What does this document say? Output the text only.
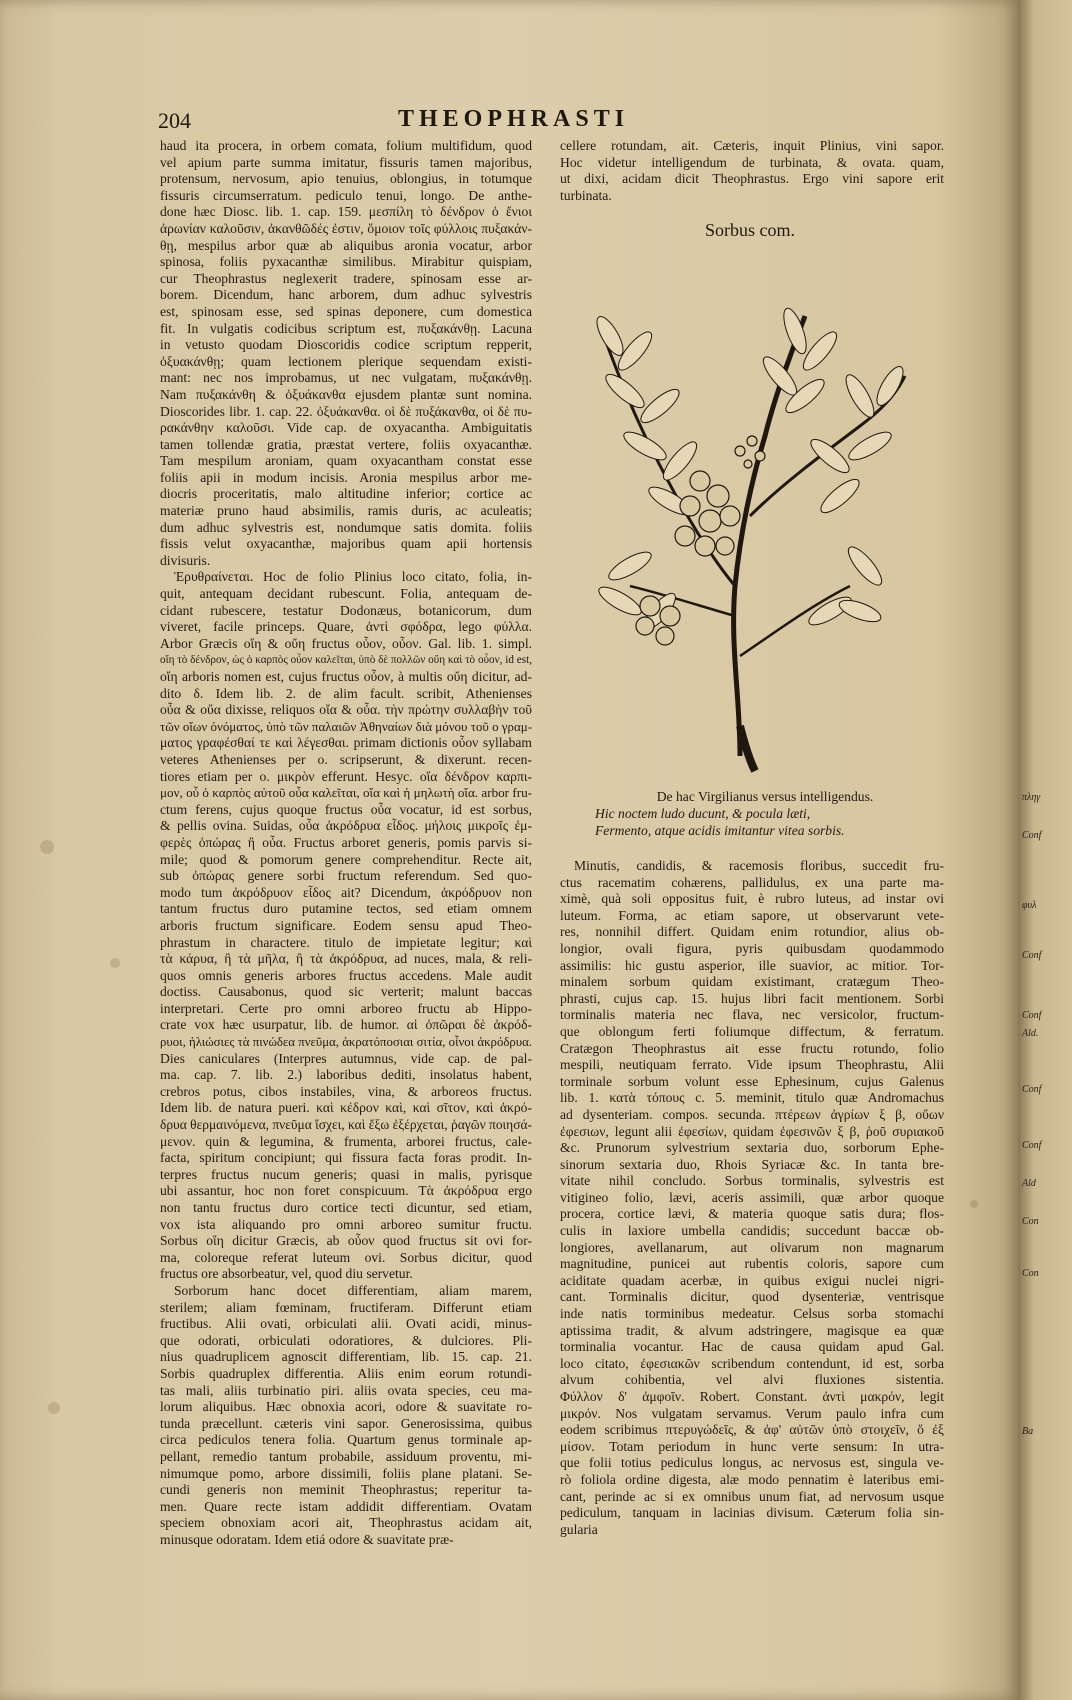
204	THEOPHRASTI
haud ita procera, in orbem comata, folium multifidum, quod
vel apium parte summa imitatur, fissuris tamen majoribus,
protensum, nervosum, apio tenuius, oblongius, in totumque
fissuris circumserratum. pediculo tenui, longo. De anthe-
done hæc Diosc. lib. 1. cap. 159. μεσπίλη τὸ δένδρον ὁ ἔνιοι
ἀρωνίαν καλοῦσιν, ἀκανθῶδές ἐστιν, ὅμοιον τοῖς φύλλοις πυξακάν-
θῃ, mespilus arbor quæ ab aliquibus aronia vocatur, arbor
spinosa, foliis pyxacanthæ similibus. Mirabitur quispiam,
cur Theophrastus neglexerit tradere, spinosam esse ar-
borem. Dicendum, hanc arborem, dum adhuc sylvestris
est, spinosam esse, sed spinas deponere, cum domestica
fit. In vulgatis codicibus scriptum est, πυξακάνθῃ. Lacuna
in vetusto quodam Dioscoridis codice scriptum repperit,
ὀξυακάνθῃ; quam lectionem plerique sequendam existi-
mant: nec nos improbamus, ut nec vulgatam, πυξακάνθῃ.
Nam πυξακάνθη & ὀξυάκανθα ejusdem plantæ sunt nomina.
Dioscorides libr. 1. cap. 22. ὀξυάκανθα. οἱ δὲ πυξάκανθα, οἱ δὲ πυ-
ρακάνθην καλοῦσι. Vide cap. de oxyacantha. Ambiguitatis
tamen tollendæ gratia, præstat vertere, foliis oxyacanthæ.
Tam mespilum aroniam, quam oxyacantham constat esse
foliis apii in modum incisis. Aronia mespilus arbor me-
diocris proceritatis, malo altitudine inferior; cortice ac
materiæ pruno haud absimilis, ramis duris, ac aculeatis;
dum adhuc sylvestris est, nondumque satis domita. foliis
fissis velut oxyacanthæ, majoribus quam apii hortensis
divisuris.
Ἐρυθραίνεται. Hoc de folio Plinius loco citato, folia, in-
quit, antequam decidant rubescunt. Folia, antequam de-
cidant rubescere, testatur Dodonæus, botanicorum, dum
viveret, facile princeps. Quare, ἀντὶ σφόδρα, lego φύλλα.
Arbor Græcis οἴη & οὔη fructus οὖον, οὖον. Gal. lib. 1. simpl.
οἴη τὸ δένδρον, ὡς ὁ καρπὸς οὖον καλεῖται, ὑπὸ δὲ πολλῶν οὔη καὶ τὸ οὖον, id est,
οἴη arboris nomen est, cujus fructus οὖον, à multis οὔη dicitur, ad-
dito δ. Idem lib. 2. de alim facult. scribit, Athenienses
οὖα & οὔα dixisse, reliquos οἴα & οὖα. τὴν πρώτην συλλαβὴν τοῦ
τῶν οἴων ὀνόματος, ὑπὸ τῶν παλαιῶν Ἀθηναίων διὰ μόνου τοῦ ο γραμ-
ματος γραφέσθαί τε καὶ λέγεσθαι. primam dictionis οὖον syllabam
veteres Athenienses per o. scripserunt, & dixerunt. recen-
tiores etiam per o. μικρὸν efferunt. Hesyc. οἴα δένδρον καρπι-
μον, οὗ ὁ καρπὸς αὐτοῦ οὖα καλεῖται, οἴα καὶ ἡ μηλωτὴ οἴα. arbor fru-
ctum ferens, cujus quoque fructus οὖα vocatur, id est sorbus,
& pellis ovina. Suidas, οὖα ἀκρόδρυα εἶδος. μήλοις μικροῖς ἐμ-
φερὲς ὀπώρας ἢ οὖα. Fructus arboret generis, pomis parvis si-
mile; quod & pomorum genere comprehenditur. Recte ait,
sub ὀπώρας genere sorbi fructum referendum. Sed quo-
modo tum ἀκρόδρυον εἶδος ait? Dicendum, ἀκρόδρυον non
tantum fructus duro putamine tectos, sed etiam omnem
arboris fructum significare. Eodem sensu apud Theo-
phrastum in charactere. titulo de impietate legitur; καὶ
τὰ κάρυα, ἢ τὰ μῆλα, ἢ τὰ ἀκρόδρυα, ad nuces, mala, & reli-
quos omnis generis arbores fructus accedens. Male audit
doctiss. Causabonus, quod sic verterit; malunt baccas
interpretari. Certe pro omni arboreo fructu ab Hippo-
crate vox hæc usurpatur, lib. de humor. αἱ ὀπῶραι δὲ ἀκρόδ-
ρυοι, ἡλιώσιες τὰ πινώδεα πνεῦμα, ἀκρατόποσιαι σιτία, οἶνοι ἀκρόδρυα.
Dies caniculares (Interpres autumnus, vide cap. de pal-
ma. cap. 7. lib. 2.) laboribus dediti, insolatus habent,
crebros potus, cibos instabiles, vina, & arboreos fructus.
Idem lib. de natura pueri. καὶ κέδρον καὶ, καὶ σῖτον, καὶ ἀκρό-
δρυα θερμαινόμενα, πνεῦμα ἴσχει, καὶ ἔξω ἐξέρχεται, ῥαγῶν ποιησά-
μενον. quin & legumina, & frumenta, arborei fructus, cale-
facta, spiritum concipiunt; qui fissura facta foras prodit. In-
terpres fructus nucum generis; quasi in malis, pyrisque
ubi assantur, hoc non foret conspicuum. Τὰ ἀκρόδρυα ergo
non tantu fructus duro cortice tecti dicuntur, sed etiam,
vox ista aliquando pro omni arboreo sumitur fructu.
Sorbus οἴη dicitur Græcis, ab οὖον quod fructus sit ovi for-
ma, coloreque referat luteum ovi. Sorbus dicitur, quod
fructus ore absorbeatur, vel, quod diu servetur.
Sorborum hanc docet differentiam, aliam marem,
sterilem; aliam fœminam, fructiferam. Differunt etiam
fructibus. Alii ovati, orbiculati alii. Ovati acidi, minus-
que odorati, orbiculati odoratiores, & dulciores. Pli-
nius quadruplicem agnoscit differentiam, lib. 15. cap. 21.
Sorbis quadruplex differentia. Aliis enim eorum rotundi-
tas mali, aliis turbinatio piri. aliis ovata species, ceu ma-
lorum aliquibus. Hæc obnoxia acori, odore & suavitate ro-
tunda præcellunt. cæteris vini sapor. Generosissima, quibus
circa pediculos tenera folia. Quartum genus torminale ap-
pellant, remedio tantum probabile, assiduum proventu, mi-
nimumque pomo, arbore dissimili, foliis plane platani. Se-
cundi generis non meminit Theophrastus; reperitur ta-
men. Quare recte istam addidit differentiam. Ovatam
speciem obnoxiam acori ait, Theophrastus acidam ait,
minusque odoratam. Idem etiá odore & suavitate præ-
cellere rotundam, ait. Cæteris, inquit Plinius, vini sapor.
Hoc videtur intelligendum de turbinata, & ovata. quam,
ut dixi, acidam dicit Theophrastus. Ergo vini sapore erit
turbinata.
Sorbus com.
De hac Virgilianus versus intelligendus.
Hic noctem ludo ducunt, & pocula læti,
Fermento, atque acidis imitantur vitea sorbis.
Minutis, candidis, & racemosis floribus, succedit fru-
ctus racematim cohærens, pallidulus, ex una parte ma-
ximè, quà soli oppositus fuit, è rubro luteus, ad instar ovi
luteum. Forma, ac etiam sapore, ut observarunt vete-
res, nonnihil differt. Quidam enim rotundior, alius ob-
longior, ovali figura, pyris quibusdam quodammodo
assimilis: hic gustu asperior, ille suavior, ac mitior. Tor-
minalem sorbum quidam existimant, cratægum Theo-
phrasti, cujus cap. 15. hujus libri facit mentionem. Sorbi
torminalis materia nec flava, nec versicolor, fructum-
que oblongum ferti foliumque diffectum, & ferratum.
Cratægon Theophrastus ait esse fructu rotundo, folio
mespili, neutiquam ferrato. Vide ipsum Theophrastu, Alii
torminale sorbum volunt esse Ephesinum, cujus Galenus
lib. 1. κατὰ τόπους c. 5. meminit, titulo quæ Andromachus
ad dysenteriam. compos. secunda. πτέρεων ἀγρίων ξ β, οὔων
ἐφεσιων, legunt alii ἐφεσίων, quidam ἐφεσινῶν ξ β, ῥοῦ συριακοῦ
&c. Prunorum sylvestrium sextaria duo, sorborum Ephe-
sinorum sextaria duo, Rhois Syriacæ &c. In tanta bre-
vitate nihil concludo. Sorbus torminalis, sylvestris est
vitigineo folio, lævi, aceris assimili, quæ arbor quoque
procera, cortice lævi, & materia quoque satis dura; flos-
culis in laxiore umbella candidis; succedunt baccæ ob-
longiores, avellanarum, aut olivarum non magnarum
magnitudine, punicei aut rubentis coloris, sapore cum
aciditate quadam acerbæ, in quibus exigui nuclei nigri-
cant. Torminalis dicitur, quod dysenteriæ, ventrisque
inde natis torminibus medeatur. Celsus sorba stomachi
aptissima tradit, & alvum adstringere, magisque ea quæ
torminalia vocantur. Hac de causa quidam apud Gal.
loco citato, ἐφεσιακῶν scribendum contendunt, id est, sorba
alvum cohibentia, vel alvi fluxiones sistentia.
Φύλλον δ' ἀμφοῖν. Robert. Constant. ἀντὶ μακρόν, legit
μικρόν. Nos vulgatam servamus. Verum paulo infra cum
eodem scribimus πτερυγώδεῖς, & ἀφ' αὐτῶν ὑπὸ στοιχεῖν, ὅ ἐξ
μίσον. Totam periodum in hunc verte sensum: In utra-
que folii totius pediculus longus, ac nervosus est, singula ve-
rò foliola ordine digesta, alæ modo pennatim è lateribus emi-
cant, perinde ac si ex omnibus unum fiat, ad nervosum usque
pediculum, tanquam in lacinias divisum. Cæterum folia sin-
gularia
πληγ
Conf
φυλ
Conf
Conf
Ald.
Conf
Conf
Ald
Con
Con
Ba
